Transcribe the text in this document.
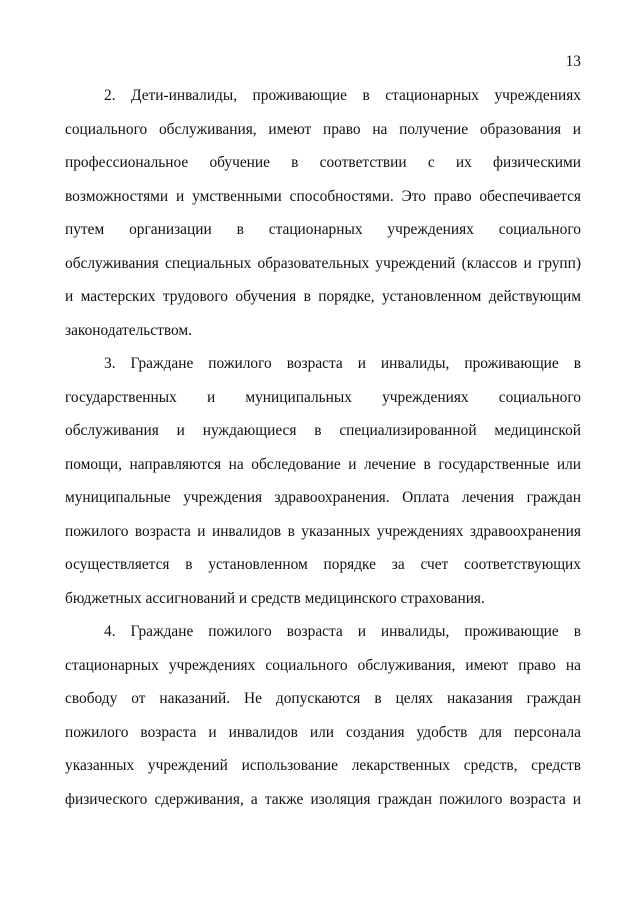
13
2. Дети-инвалиды, проживающие в стационарных учреждениях
социального обслуживания, имеют право на получение образования и
профессиональное обучение в соответствии с их физическими
возможностями и умственными способностями. Это право обеспечивается
путем организации в стационарных учреждениях социального
обслуживания специальных образовательных учреждений (классов и групп)
и мастерских трудового обучения в порядке, установленном действующим
законодательством.
3. Граждане пожилого возраста и инвалиды, проживающие в
государственных и муниципальных учреждениях социального
обслуживания и нуждающиеся в специализированной медицинской
помощи, направляются на обследование и лечение в государственные или
муниципальные учреждения здравоохранения. Оплата лечения граждан
пожилого возраста и инвалидов в указанных учреждениях здравоохранения
осуществляется в установленном порядке за счет соответствующих
бюджетных ассигнований и средств медицинского страхования.
4. Граждане пожилого возраста и инвалиды, проживающие в
стационарных учреждениях социального обслуживания, имеют право на
свободу от наказаний. Не допускаются в целях наказания граждан
пожилого возраста и инвалидов или создания удобств для персонала
указанных учреждений использование лекарственных средств, средств
физического сдерживания, а также изоляция граждан пожилого возраста и
